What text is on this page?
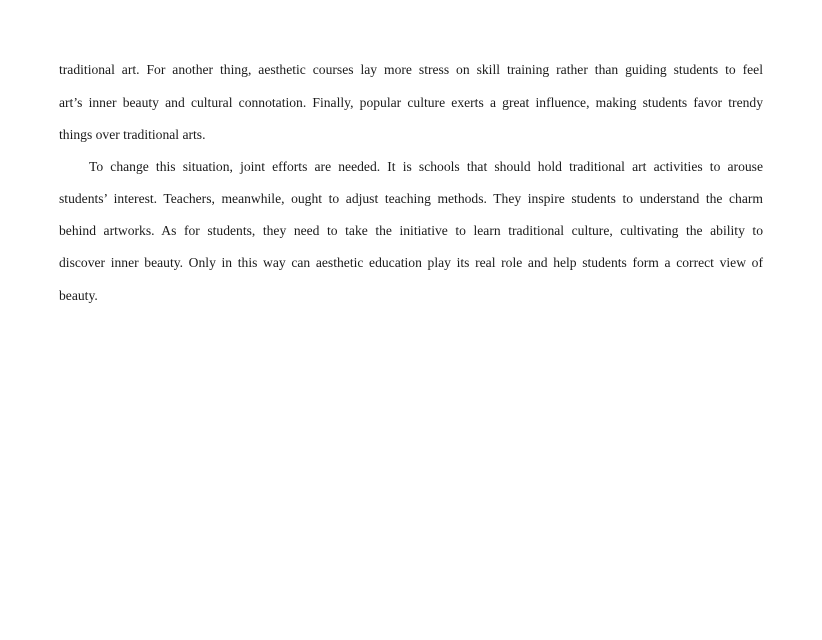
traditional art. For another thing, aesthetic courses lay more stress on skill training rather than guiding students to feel
art’s inner beauty and cultural connotation. Finally, popular culture exerts a great influence, making students favor trendy
things over traditional arts.
To change this situation, joint efforts are needed. It is schools that should hold traditional art activities to arouse
students’ interest. Teachers, meanwhile, ought to adjust teaching methods. They inspire students to understand the charm
behind artworks. As for students, they need to take the initiative to learn traditional culture, cultivating the ability to
discover inner beauty. Only in this way can aesthetic education play its real role and help students form a correct view of
beauty.
